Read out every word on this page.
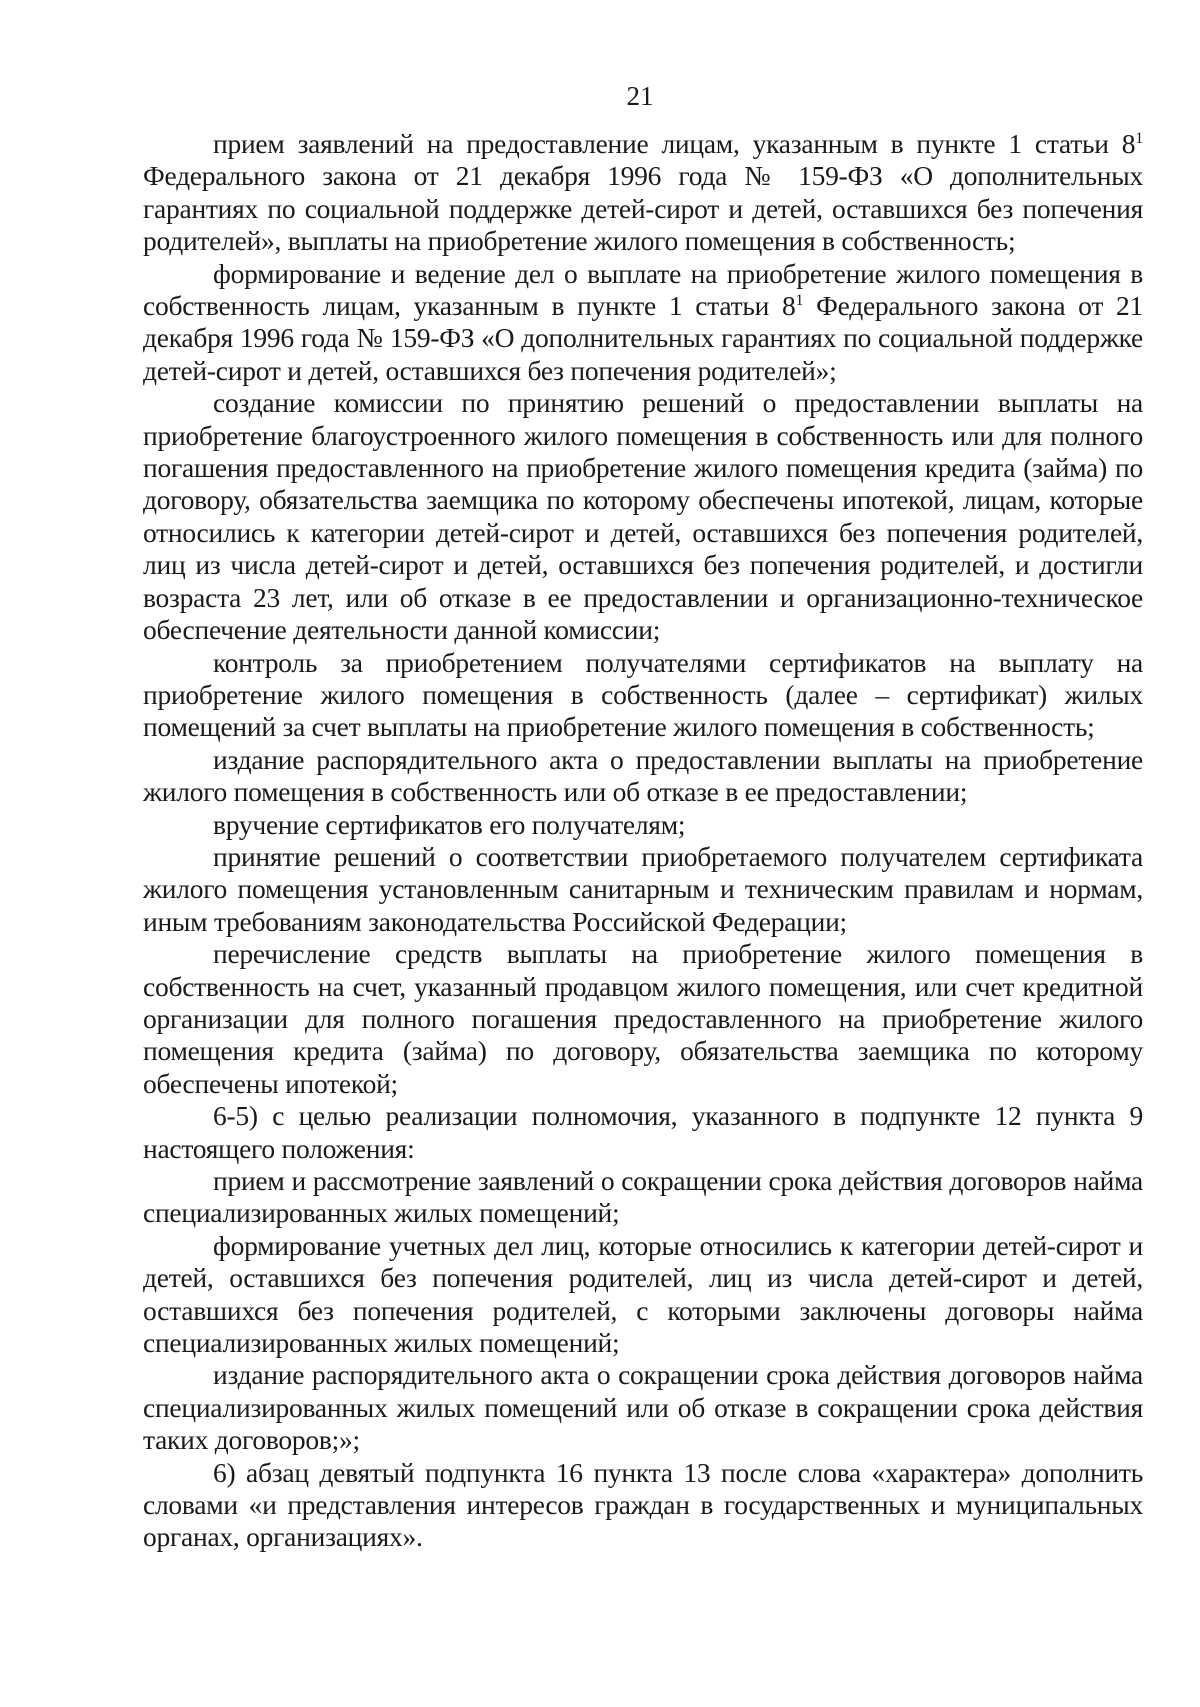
21

прием заявлений на предоставление лицам, указанным в пункте 1 статьи $8^1$ Федерального закона от 21 декабря 1996 года № 159-ФЗ «О дополнительных гарантиях по социальной поддержке детей-сирот и детей, оставшихся без попечения родителей», выплаты на приобретение жилого помещения в собственность;

формирование и ведение дел о выплате на приобретение жилого помещения в собственность лицам, указанным в пункте 1 статьи $8^1$ Федерального закона от 21 декабря 1996 года № 159-ФЗ «О дополнительных гарантиях по социальной поддержке детей-сирот и детей, оставшихся без попечения родителей»;

создание комиссии по принятию решений о предоставлении выплаты на приобретение благоустроенного жилого помещения в собственность или для полного погашения предоставленного на приобретение жилого помещения кредита (займа) по договору, обязательства заемщика по которому обеспечены ипотекой, лицам, которые относились к категории детей-сирот и детей, оставшихся без попечения родителей, лиц из числа детей-сирот и детей, оставшихся без попечения родителей, и достигли возраста 23 лет, или об отказе в ее предоставлении и организационно-техническое обеспечение деятельности данной комиссии;

контроль за приобретением получателями сертификатов на выплату на приобретение жилого помещения в собственность (далее – сертификат) жилых помещений за счет выплаты на приобретение жилого помещения в собственность;

издание распорядительного акта о предоставлении выплаты на приобретение жилого помещения в собственность или об отказе в ее предоставлении;

вручение сертификатов его получателям;

принятие решений о соответствии приобретаемого получателем сертификата жилого помещения установленным санитарным и техническим правилам и нормам, иным требованиям законодательства Российской Федерации;

перечисление средств выплаты на приобретение жилого помещения в собственность на счет, указанный продавцом жилого помещения, или счет кредитной организации для полного погашения предоставленного на приобретение жилого помещения кредита (займа) по договору, обязательства заемщика по которому обеспечены ипотекой;

6-5) с целью реализации полномочия, указанного в подпункте 12 пункта 9 настоящего положения:

прием и рассмотрение заявлений о сокращении срока действия договоров найма специализированных жилых помещений;

формирование учетных дел лиц, которые относились к категории детей-сирот и детей, оставшихся без попечения родителей, лиц из числа детей-сирот и детей, оставшихся без попечения родителей, с которыми заключены договоры найма специализированных жилых помещений;

издание распорядительного акта о сокращении срока действия договоров найма специализированных жилых помещений или об отказе в сокращении срока действия таких договоров;»;

6) абзац девятый подпункта 16 пункта 13 после слова «характера» дополнить словами «и представления интересов граждан в государственных и муниципальных органах, организациях».
